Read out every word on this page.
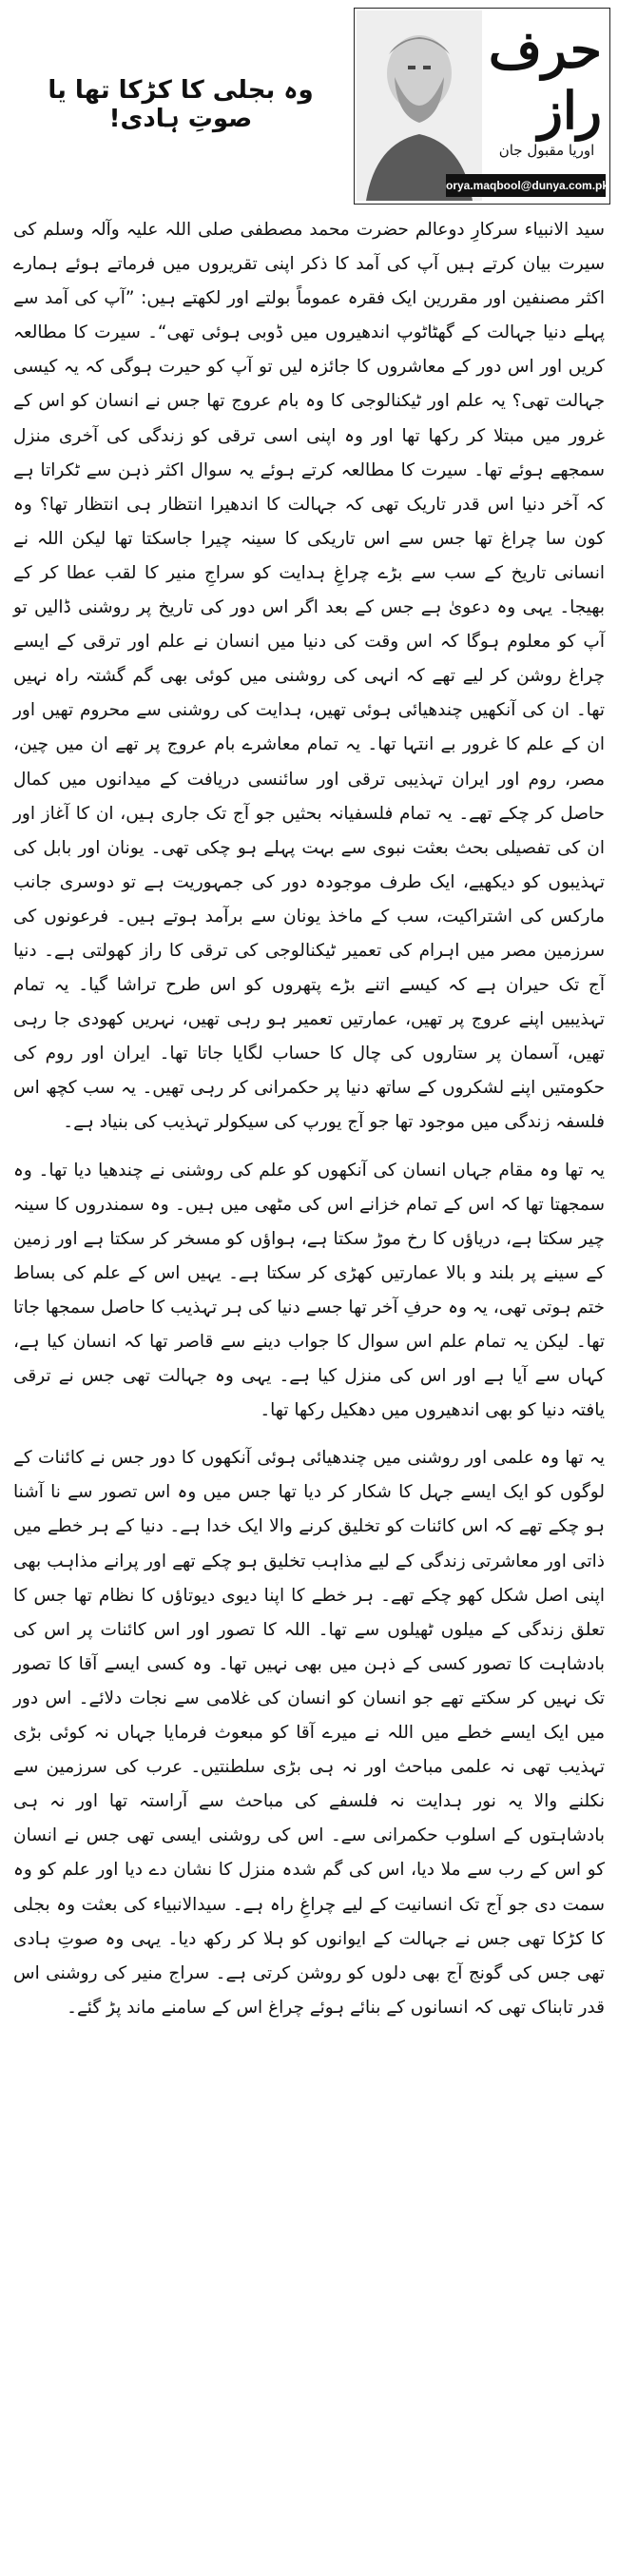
حرف راز
اوریا مقبول جان
orya.maqbool@dunya.com.pk
وہ بجلی کا کڑکا تھا یا صوتِ ہادی!

سید الانبیاء سرکارِ دوعالم حضرت محمد مصطفی صلی اللہ علیہ وآلہ وسلم کی سیرت بیان کرتے ہیں آپ کی آمد کا ذکر اپنی تقریروں میں فرماتے ہوئے ہمارے اکثر مصنفین اور مقررین ایک فقرہ عموماً بولتے اور لکھتے ہیں: ”آپ کی آمد سے پہلے دنیا جہالت کے گھٹاٹوپ اندھیروں میں ڈوبی ہوئی تھی“۔ سیرت کا مطالعہ کریں اور اس دور کے معاشروں کا جائزہ لیں تو آپ کو حیرت ہوگی کہ یہ کیسی جہالت تھی؟ یہ علم اور ٹیکنالوجی کا وہ بام عروج تھا جس نے انسان کو اس کے غرور میں مبتلا کر رکھا تھا اور وہ اپنی اسی ترقی کو زندگی کی آخری منزل سمجھے ہوئے تھا۔ سیرت کا مطالعہ کرتے ہوئے یہ سوال اکثر ذہن سے ٹکراتا ہے کہ آخر دنیا اس قدر تاریک تھی کہ جہالت کا اندھیرا انتظار ہی انتظار تھا؟ وہ کون سا چراغ تھا جس سے اس تاریکی کا سینہ چیرا جاسکتا تھا لیکن اللہ نے انسانی تاریخ کے سب سے بڑے چراغِ ہدایت کو سراجِ منیر کا لقب عطا کر کے بھیجا۔ یہی وہ دعویٰ ہے جس کے بعد اگر اس دور کی تاریخ پر روشنی ڈالیں تو آپ کو معلوم ہوگا کہ اس وقت کی دنیا میں انسان نے علم اور ترقی کے ایسے چراغ روشن کر لیے تھے کہ انہی کی روشنی میں کوئی بھی گم گشتہ راہ نہیں تھا۔ ان کی آنکھیں چندھیائی ہوئی تھیں، ہدایت کی روشنی سے محروم تھیں اور ان کے علم کا غرور بے انتہا تھا۔ یہ تمام معاشرے بام عروج پر تھے ان میں چین، مصر، روم اور ایران تہذیبی ترقی اور سائنسی دریافت کے میدانوں میں کمال حاصل کر چکے تھے۔ یہ تمام فلسفیانہ بحثیں جو آج تک جاری ہیں، ان کا آغاز اور ان کی تفصیلی بحث بعثت نبوی سے بہت پہلے ہو چکی تھی۔ یونان اور بابل کی تہذیبوں کو دیکھیے، ایک طرف موجودہ دور کی جمہوریت ہے تو دوسری جانب مارکس کی اشتراکیت، سب کے ماخذ یونان سے برآمد ہوتے ہیں۔ فرعونوں کی سرزمین مصر میں اہرام کی تعمیر ٹیکنالوجی کی ترقی کا راز کھولتی ہے۔ دنیا آج تک حیران ہے کہ کیسے اتنے بڑے پتھروں کو اس طرح تراشا گیا۔ یہ تمام تہذیبیں اپنے عروج پر تھیں، عمارتیں تعمیر ہو رہی تھیں، نہریں کھودی جا رہی تھیں، آسمان پر ستاروں کی چال کا حساب لگایا جاتا تھا۔ ایران اور روم کی حکومتیں اپنے لشکروں کے ساتھ دنیا پر حکمرانی کر رہی تھیں۔ یہ سب کچھ اس فلسفہ زندگی میں موجود تھا جو آج یورپ کی سیکولر تہذیب کی بنیاد ہے۔

یہ تھا وہ مقام جہاں انسان کی آنکھوں کو علم کی روشنی نے چندھیا دیا تھا۔ وہ سمجھتا تھا کہ اس کے تمام خزانے اس کی مٹھی میں ہیں۔ وہ سمندروں کا سینہ چیر سکتا ہے، دریاؤں کا رخ موڑ سکتا ہے، ہواؤں کو مسخر کر سکتا ہے اور زمین کے سینے پر بلند و بالا عمارتیں کھڑی کر سکتا ہے۔ یہیں اس کے علم کی بساط ختم ہوتی تھی، یہ وہ حرفِ آخر تھا جسے دنیا کی ہر تہذیب کا حاصل سمجھا جاتا تھا۔ لیکن یہ تمام علم اس سوال کا جواب دینے سے قاصر تھا کہ انسان کیا ہے، کہاں سے آیا ہے اور اس کی منزل کیا ہے۔ یہی وہ جہالت تھی جس نے ترقی یافتہ دنیا کو بھی اندھیروں میں دھکیل رکھا تھا۔

یہ تھا وہ علمی اور روشنی میں چندھیائی ہوئی آنکھوں کا دور جس نے کائنات کے لوگوں کو ایک ایسے جہل کا شکار کر دیا تھا جس میں وہ اس تصور سے نا آشنا ہو چکے تھے کہ اس کائنات کو تخلیق کرنے والا ایک خدا ہے۔ دنیا کے ہر خطے میں ذاتی اور معاشرتی زندگی کے لیے مذاہب تخلیق ہو چکے تھے اور پرانے مذاہب بھی اپنی اصل شکل کھو چکے تھے۔ ہر خطے کا اپنا دیوی دیوتاؤں کا نظام تھا جس کا تعلق زندگی کے میلوں ٹھیلوں سے تھا۔ اللہ کا تصور اور اس کائنات پر اس کی بادشاہت کا تصور کسی کے ذہن میں بھی نہیں تھا۔ وہ کسی ایسے آقا کا تصور تک نہیں کر سکتے تھے جو انسان کو انسان کی غلامی سے نجات دلائے۔ اس دور میں ایک ایسے خطے میں اللہ نے میرے آقا کو مبعوث فرمایا جہاں نہ کوئی بڑی تہذیب تھی نہ علمی مباحث اور نہ ہی بڑی سلطنتیں۔ عرب کی سرزمین سے نکلنے والا یہ نور ہدایت نہ فلسفے کی مباحث سے آراستہ تھا اور نہ ہی بادشاہتوں کے اسلوب حکمرانی سے۔ اس کی روشنی ایسی تھی جس نے انسان کو اس کے رب سے ملا دیا، اس کی گم شدہ منزل کا نشان دے دیا اور علم کو وہ سمت دی جو آج تک انسانیت کے لیے چراغِ راہ ہے۔ سیدالانبیاء کی بعثت وہ بجلی کا کڑکا تھی جس نے جہالت کے ایوانوں کو ہلا کر رکھ دیا۔ یہی وہ صوتِ ہادی تھی جس کی گونج آج بھی دلوں کو روشن کرتی ہے۔ سراج منیر کی روشنی اس قدر تابناک تھی کہ انسانوں کے بنائے ہوئے چراغ اس کے سامنے ماند پڑ گئے۔
